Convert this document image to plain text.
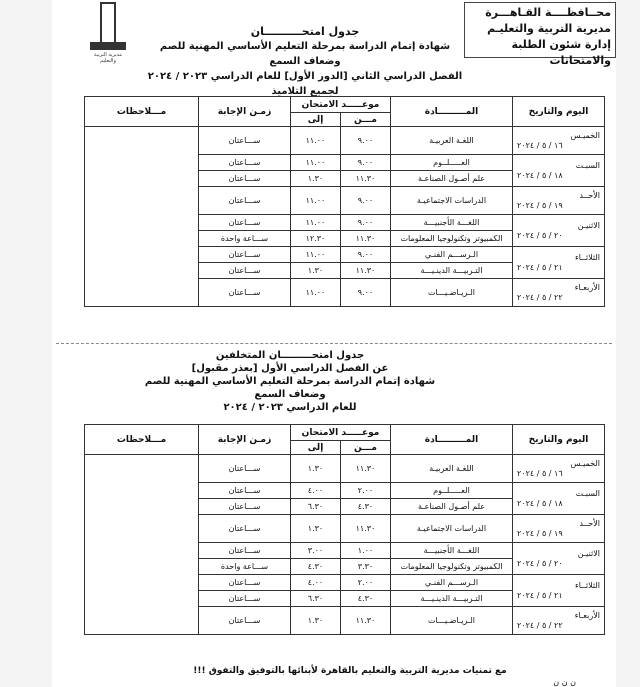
مديرية التربية والتعليم
محــافظــــة القـاهـــرة
مديرية التربية والتعليـم
إدارة شئون الطلبة والامتحانات
جدول امتحــــــــــان
شهادة إتمام الدراسة بمرحلة التعليم الأساسي المهنية للصم وضعاف السمع
الفصل الدراسي الثاني [الدور الأول] للعام الدراسي ٢٠٢٣ / ٢٠٢٤ لجميع التلاميذ
اليوم والتاريخ	المـــــــــادة	موعـــــد الامتحان		زمـن الإجابة	مـــلاحظات
		مـــن	إلى		

الخميـس
١٦ / ٥ / ٢٠٢٤	اللغـة العربيـة	٩.٠٠	١١.٠٠	ســـاعتان	

السبـت
١٨ / ٥ / ٢٠٢٤	العـــــلــوم	٩.٠٠	١١.٠٠	ســـاعتان	
	علم أصـول الصناعـة	١١.٣٠	١.٣٠	ســـاعتان	

الأحــد
١٩ / ٥ / ٢٠٢٤	الدراسات الاجتماعيـة	٩.٠٠	١١.٠٠	ســـاعتان	

الاثنيـن
٢٠ / ٥ / ٢٠٢٤	اللغـــة الأجنبيـــة	٩.٠٠	١١.٠٠	ســـاعتان	
	الكمبيوتر وتكنولوجيا المعلومات	١١.٣٠	١٢.٣٠	ســـاعة واحدة	

الثلاثــاء
٢١ / ٥ / ٢٠٢٤	الـرســـم الفنـي	٩.٠٠	١١.٠٠	ســـاعتان	
	التـربيـــة الدينـيـــة	١١.٣٠	١.٣٠	ســـاعتان	

الأربعـاء
٢٢ / ٥ / ٢٠٢٤	الـريـاضـيـــات	٩.٠٠	١١.٠٠	ســـاعتان	
جدول امتحـــــــــان المتخلفين
عن الفصل الدراسي الأول [بعذر مقبول]
شهادة إتمام الدراسة بمرحلة التعليم الأساسي المهنية للصم وضعاف السمع
للعام الدراسي ٢٠٢٣ / ٢٠٢٤
اليوم والتاريخ	المـــــــــادة	موعـــــد الامتحان		زمـن الإجابة	مـــلاحظات
		مـــن	إلى		

الخميـس
١٦ / ٥ / ٢٠٢٤	اللغـة العربيـة	١١.٣٠	١.٣٠	ســـاعتان	

السبـت
١٨ / ٥ / ٢٠٢٤	العـــــلــوم	٢.٠٠	٤.٠٠	ســـاعتان	
	علم أصـول الصناعـة	٤.٣٠	٦.٣٠	ســـاعتان	

الأحــد
١٩ / ٥ / ٢٠٢٤	الدراسات الاجتماعيـة	١١.٣٠	١.٣٠	ســـاعتان	

الاثنيـن
٢٠ / ٥ / ٢٠٢٤	اللغـــة الأجنبيـــة	١.٠٠	٣.٠٠	ســـاعتان	
	الكمبيوتر وتكنولوجيا المعلومات	٣.٣٠	٤.٣٠	ســـاعة واحدة	

الثلاثــاء
٢١ / ٥ / ٢٠٢٤	الـرســـم الفنـي	٢.٠٠	٤.٠٠	ســـاعتان	
	التـربيـــة الدينـيـــة	٤.٣٠	٦.٣٠	ســـاعتان	

الأربعـاء
٢٢ / ٥ / ٢٠٢٤	الـريـاضـيـــات	١١.٣٠	١.٣٠	ســـاعتان	
مع تمنيات مديرية التربية والتعليم بالقاهرة لأبنائها بالتوفيق والتفوق !!!
ن ن ن
